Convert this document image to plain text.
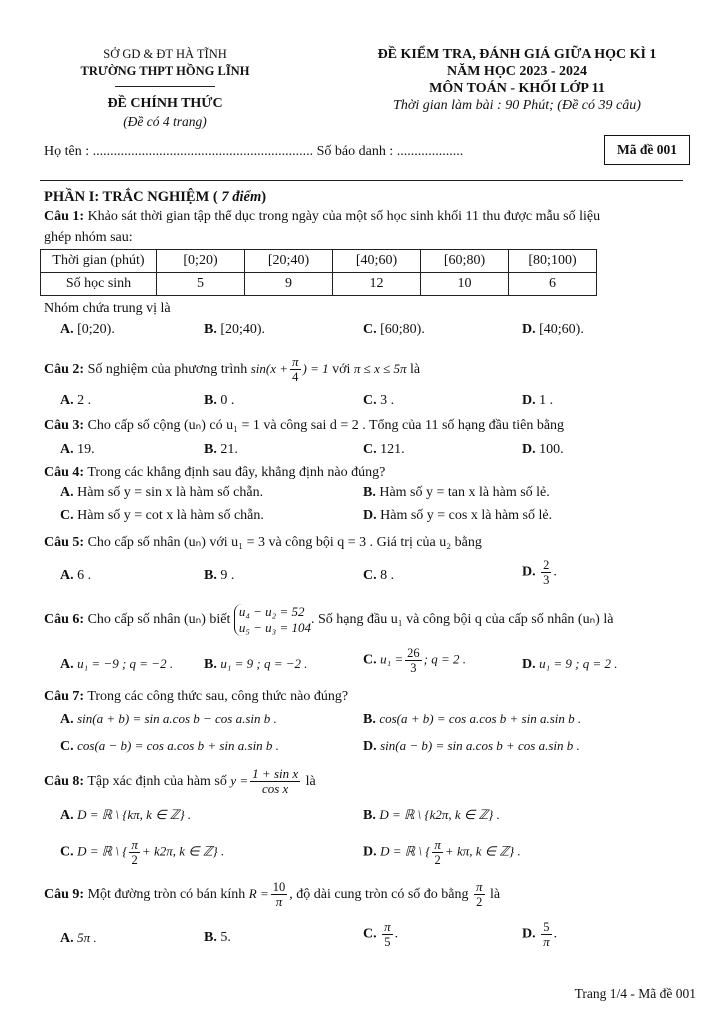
SỞ GD & ĐT HÀ TĨNH
TRƯỜNG THPT HỒNG LĨNH
ĐỀ CHÍNH THỨC
(Đề có 4 trang)
ĐỀ KIỂM TRA, ĐÁNH GIÁ GIỮA HỌC KÌ 1
NĂM HỌC 2023 - 2024
MÔN TOÁN - KHỐI LỚP 11
Thời gian làm bài : 90 Phút; (Đề có 39 câu)
Họ tên : ............................................................... Số báo danh : ...................	Mã đề 001
PHẦN I: TRẮC NGHIỆM ( 7 điểm)
Câu 1: Khảo sát thời gian tập thể dục trong ngày của một số học sinh khối 11 thu được mẫu số liệu
ghép nhóm sau:
Thời gian (phút)	[0;20)	[20;40)	[40;60)	[60;80)	[80;100)
Số học sinh	5	9	12	10	6
Nhóm chứa trung vị là
A. [0;20).	B. [20;40).	C. [60;80).	D. [40;60).
Câu 2: Số nghiệm của phương trình $\sin(x + \frac{\pi}{4}$ ) = 1 với π ≤ x ≤ 5π là
A. 2 .	B. 0 .	C. 3 .	D. 1 .
Câu 3: Cho cấp số cộng (uₙ) có u₁ = 1 và công sai d = 2 . Tổng của 11 số hạng đầu tiên bằng
A. 19.	B. 21.	C. 121.	D. 100.
Câu 4: Trong các khẳng định sau đây, khẳng định nào đúng?
A. Hàm số y = sin x là hàm số chẵn.	B. Hàm số y = tan x là hàm số lẻ.
C. Hàm số y = cot x là hàm số chẵn.	D. Hàm số y = cos x là hàm số lẻ.
Câu 5: Cho cấp số nhân (uₙ) với u₁ = 3 và công bội q = 3 . Giá trị của u₂ bằng
A. 6 .	B. 9 .	C. 8 .	D. $\frac{2}{3}$ .
Câu 6: Cho cấp số nhân (uₙ) biết
u₄ − u₂ = 52
u₅ − u₃ = 104
. Số hạng đầu u₁ và công bội q của cấp số nhân (uₙ) là
A. u₁ = −9 ; q = −2 . B. u₁ = 9 ; q = −2 .	C. $u_1 = \frac{26}{3}$ ; q = 2 .	D. u₁ = 9 ; q = 2 .
Câu 7: Trong các công thức sau, công thức nào đúng?
A. sin(a + b) = sin a.cos b − cos a.sin b .	B. cos(a + b) = cos a.cos b + sin a.sin b .
C. cos(a − b) = cos a.cos b + sin a.sin b .	D. sin(a − b) = sin a.cos b + cos a.sin b .
Câu 8: Tập xác định của hàm số $y = \frac{\text{1 + sin x}}{\text{cos x}}$ là
A. D = ℝ \ {kπ, k ∈ ℤ} .	B. D = ℝ \ {k2π, k ∈ ℤ} .
C. D = ℝ \ { $\frac{\pi}{2} + k2\pi$, k ∈ ℤ} .	D. D = ℝ \ { $\frac{\pi}{2} + k\pi$, k ∈ ℤ} .
Câu 9: Một đường tròn có bán kính $R = \frac{10}{\pi}$ , độ dài cung tròn có số đo bằng $\frac{\pi}{2}$ là
A. 5π .	B. 5.	C. $\frac{\pi}{5}$ .	D. $\frac{5}{\pi}$ .
Trang 1/4 - Mã đề 001
